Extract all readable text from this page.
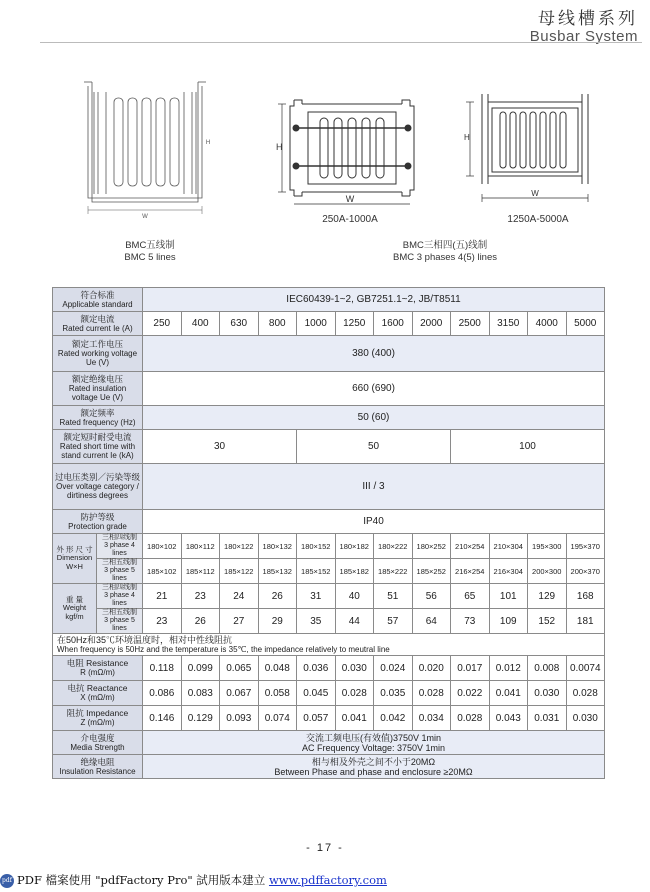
母线槽系列
Busbar System
W
H
BMC五线制
BMC 5 lines
H
W
250A-1000A
H
W
1250A-5000A
BMC三相四(五)线制
BMC 3 phases 4(5) lines
符合标准
Applicable standard		IEC60439-1~2, GB7251.1~2, JB/T8511											

额定电流
Rated current Ie (A)		250	400	630	800	1000	1250	1600	2000	2500	3150	4000	5000

额定工作电压
Rated working voltage Ue (V)		380 (400)											

额定绝缘电压
Rated insulation voltage Ue (V)		660 (690)											

额定频率
Rated frequency (Hz)		50 (60)											

额定短时耐受电流
Rated short time with stand current Ie (kA)		30				50				100			

过电压类别／污染等级
Over voltage category / dirtiness degrees		III / 3											

防护等级
Protection grade		IP40											
外 形 尺 寸Dimension W×H	三相四线制
3 phase 4 lines	180×102	180×112	180×122	180×132	180×152	180×182	180×222	180×252	210×254	210×304	195×300	195×370

	三相五线制
3 phase 5 lines	185×102	185×112	185×122	185×132	185×152	185×182	185×222	185×252	216×254	216×304	200×300	200×370
重 量
Weight
kgf/m	三相四线制
3 phase 4 lines	21	23	24	26	31	40	51	56	65	101	129	168

	三相五线制
3 phase 5 lines	23	26	27	29	35	44	57	64	73	109	152	181

在50Hz和35℃环境温度时，相对中性线阻抗
When frequency is 50Hz and the temperature is 35℃, the impedance relatively to meutral line													

电阻 Resistance
R (mΩ/m)		0.118	0.099	0.065	0.048	0.036	0.030	0.024	0.020	0.017	0.012	0.008	0.0074

电抗 Reactance
X (mΩ/m)		0.086	0.083	0.067	0.058	0.045	0.028	0.035	0.028	0.022	0.041	0.030	0.028

阻抗 Impedance
Z (mΩ/m)		0.146	0.129	0.093	0.074	0.057	0.041	0.042	0.034	0.028	0.043	0.031	0.030

介电强度
Media Strength		交流工频电压(有效值)3750V 1min
AC Frequency Voltage: 3750V 1min											

绝缘电阻
Insulation Resistance		相与相及外壳之间不小于20MΩ
Between Phase and phase and enclosure ≥20MΩ											
- 17 -
pdf PDF 檔案使用 "pdfFactory Pro" 試用版本建立 www.pdffactory.com
